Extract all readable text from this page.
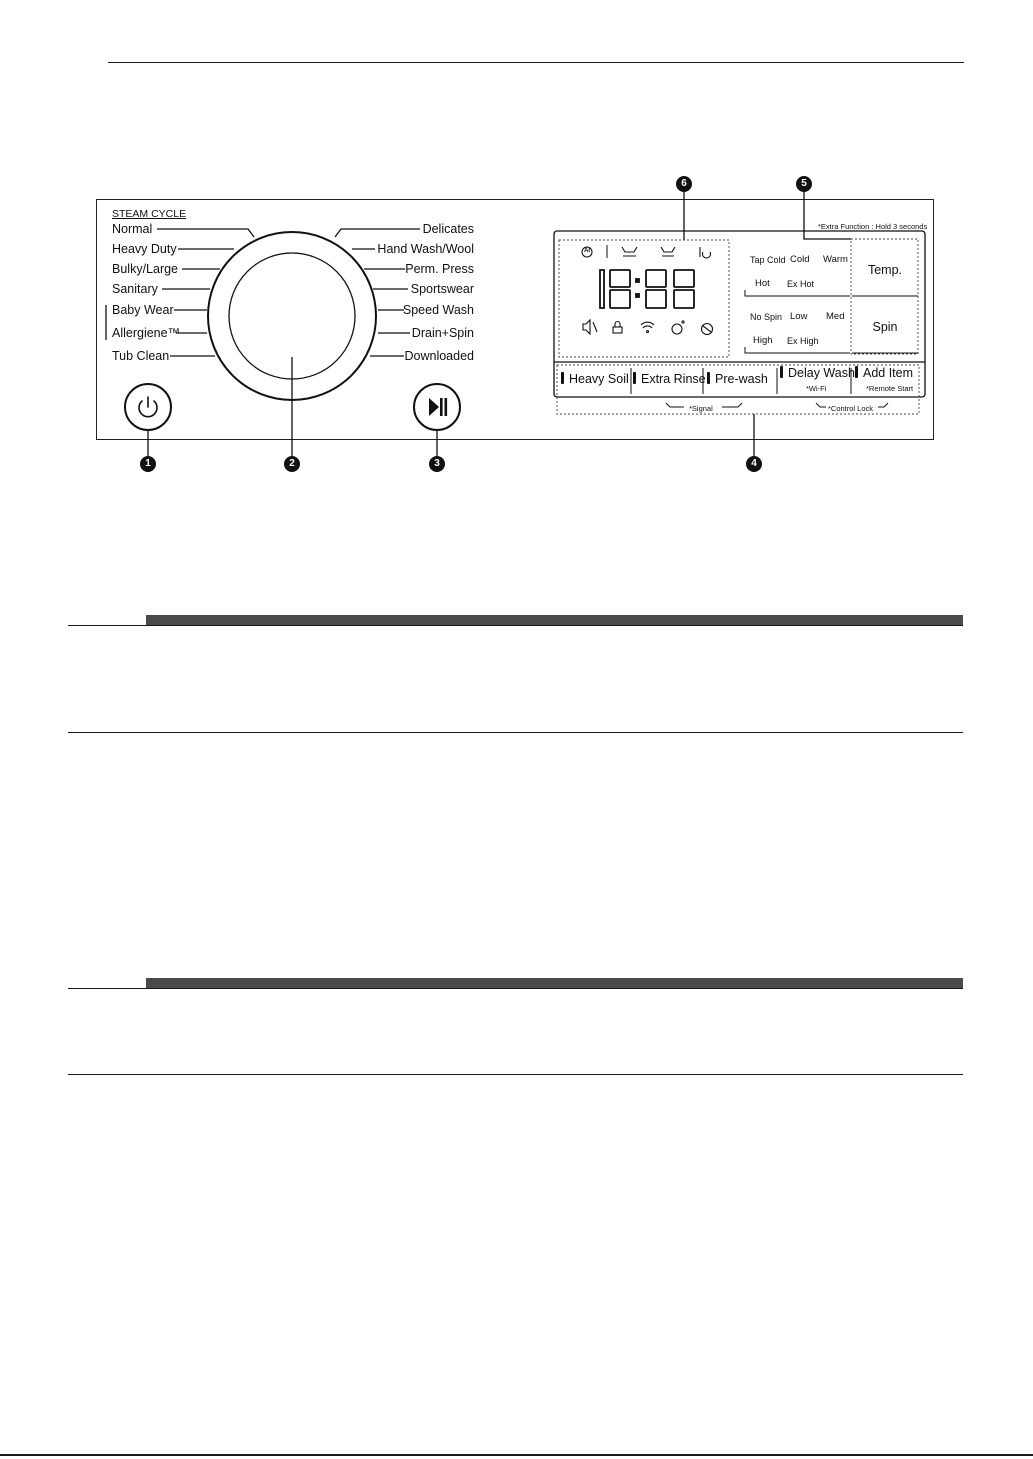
STEAM CYCLE
Normal
Heavy Duty
Bulky/Large
Sanitary
Baby Wear
Allergiene™
Tub Clean
Delicates
Hand Wash/Wool
Perm. Press
Sportswear
Speed Wash
Drain+Spin
Downloaded
AI
*Extra Function : Hold 3 seconds
Tap Cold Cold Warm
Hot Ex Hot
No Spin Low Med
High Ex High
Temp.
Spin
Heavy Soil Extra Rinse Pre-wash	Delay Wash
*Wi-Fi
Add Item
*Remote Start
*Signal	*Control Lock
1	2	3	4
5
6
